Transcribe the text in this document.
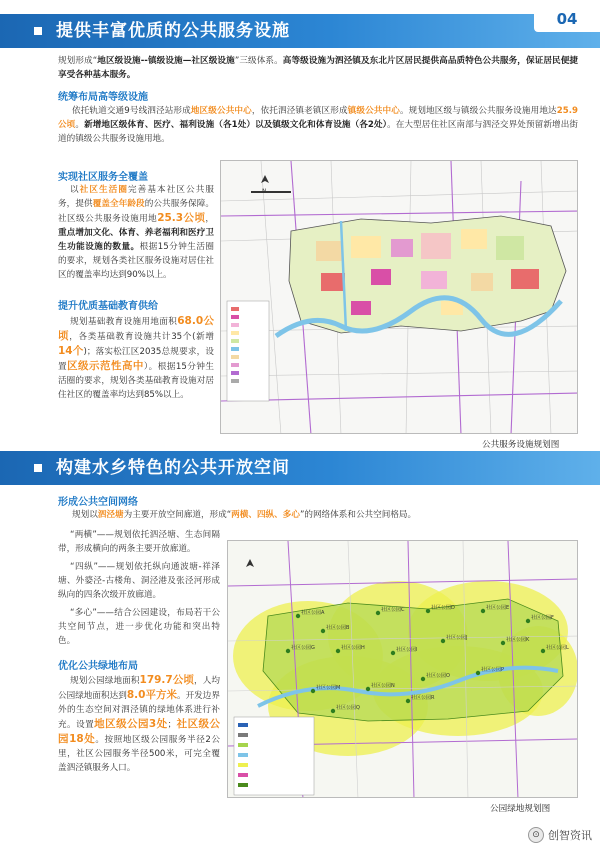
提供丰富优质的公共服务设施
04
规划形成“地区级设施--镇级设施—社区级设施”三级体系。高等级设施为泗泾镇及东北片区居民提供高品质特色公共服务，保证居民便捷享受各种基本服务。
统筹布局高等级设施
依托轨道交通9号线泗泾站形成地区级公共中心，依托泗泾镇老镇区形成镇级公共中心。规划地区级与镇级公共服务设施用地达25.9公顷。新增地区级体育、医疗、福利设施（各1处）以及镇级文化和体育设施（各2处）。在大型居住社区南部与泗泾交界处预留新增出街道的镇级公共服务设施用地。
实现社区服务全覆盖
以社区生活圈完善基本社区公共服务，提供覆盖全年龄段的公共服务保障。社区级公共服务设施用地25.3公顷，重点增加文化、体育、养老福利和医疗卫生功能设施的数量。根据15分钟生活圈的要求，规划各类社区服务设施对居住社区的覆盖率均达到90%以上。
提升优质基础教育供给
规划基础教育设施用地面积68.0公顷，各类基础教育设施共计35个(新增14个)；落实松江区2035总规要求，设置区级示范性高中）。根据15分钟生活圈的要求，规划各类基础教育设施对居住社区的覆盖率均达到85%以上。
公共服务设施规划图
构建水乡特色的公共开放空间
形成公共空间网络
规划以泗泾塘为主要开放空间廊道，形成“两横、四纵、多心”的网络体系和公共空间格局。
“两横”——规划依托泗泾塘、生态间隔带，形成横向的两条主要开放廊道。
“四纵”——规划依托纵向通波塘-祥泽塘、外婆泾-古楼角、洞泾港及张泾河形成纵向的四条次级开放廊道。
“多心”——结合公园建设，布局若干公共空间节点，进一步优化功能和突出特色。
优化公共绿地布局
规划公园绿地面积179.7公顷，人均公园绿地面积达到8.0平方米。开发边界外的生态空间对泗泾镇的绿地体系进行补充。设置地区级公园3处；社区级公园18处。按照地区级公园服务半径2公里，社区公园服务半径500米，可完全覆盖泗泾镇服务人口。
社区公园A
社区公园B
社区公园C	社区公园D	社区公园E
社区公园F
社区公园G	社区公园H	社区公园I
社区公园J	社区公园K
社区公园L
社区公园M	社区公园N
社区公园O
社区公园P
社区公园Q
社区公园R
公园绿地规划图
⊙ 创智资讯
